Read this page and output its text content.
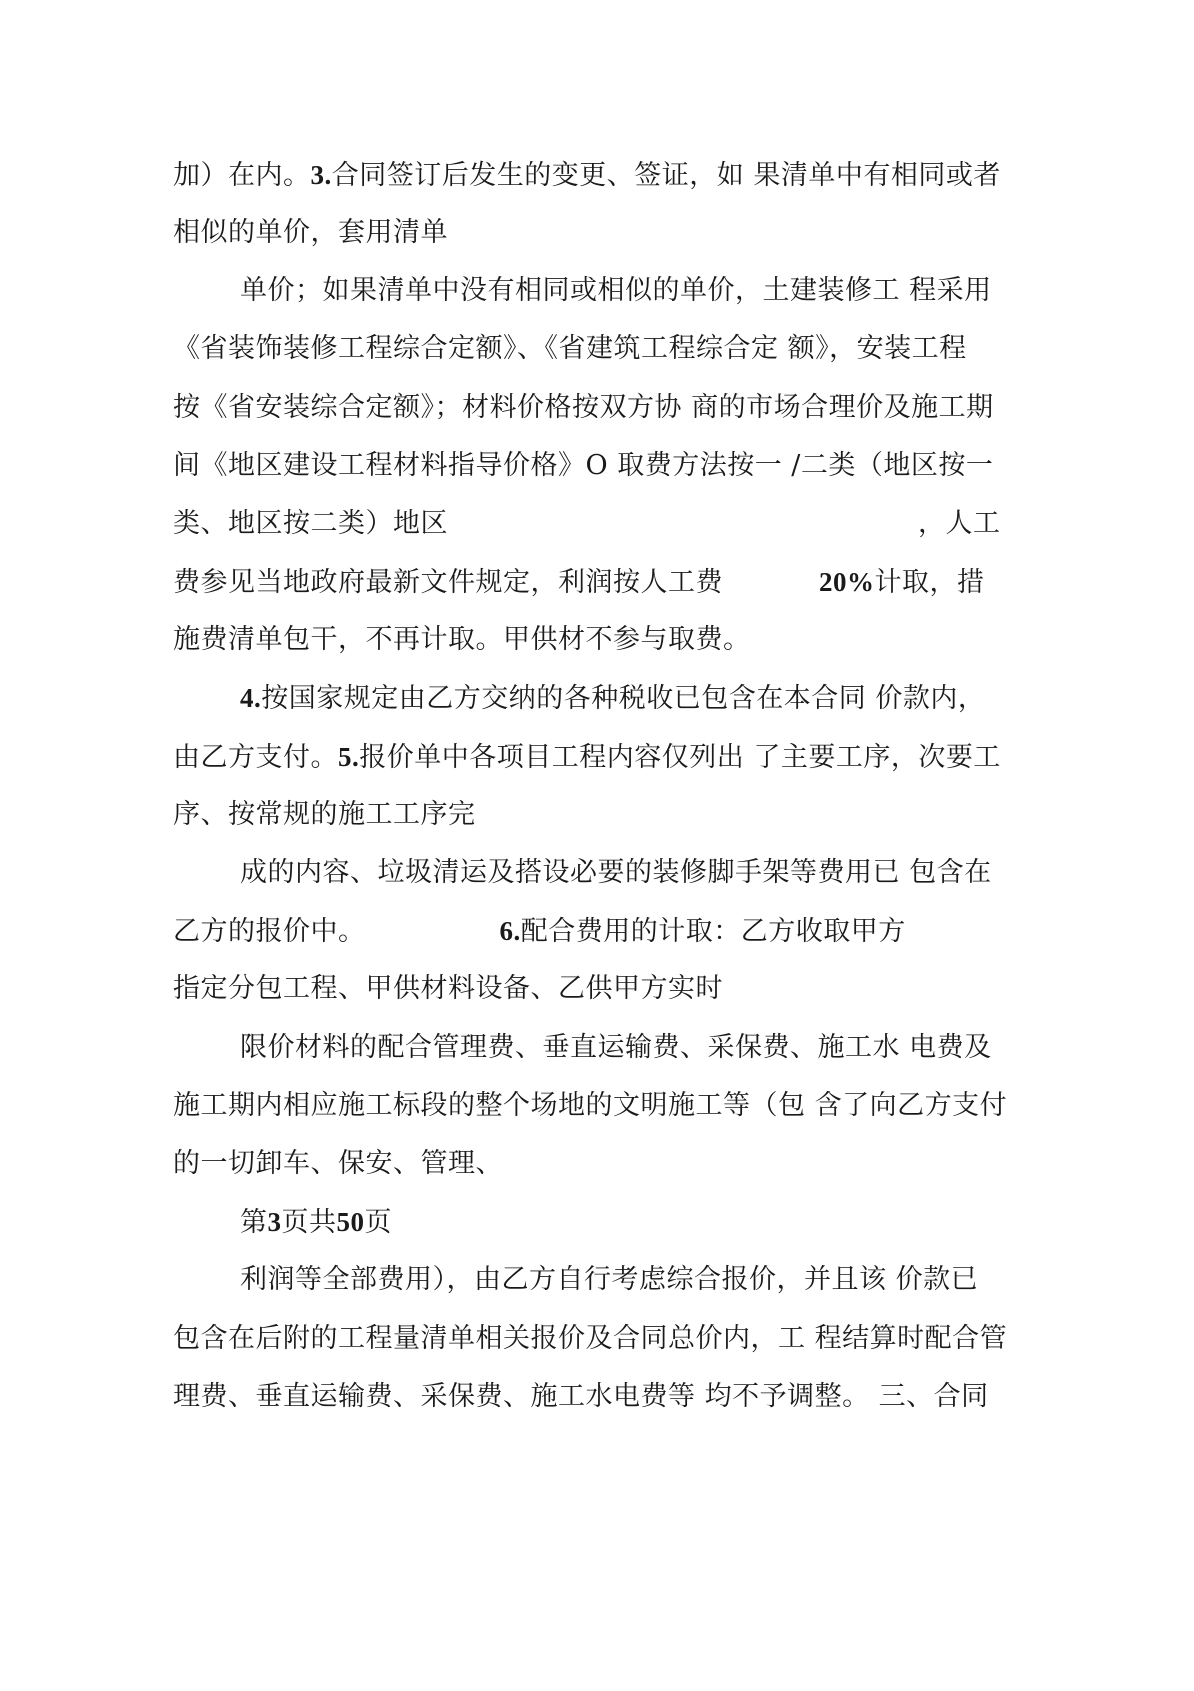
加）在内。3.合同签订后发生的变更、签证，如 果清单中有相同或者
相似的单价，套用清单
单价；如果清单中没有相同或相似的单价，土建装修工 程采用
《省装饰装修工程综合定额》、《省建筑工程综合定 额》，安装工程
按《省安装综合定额》；材料价格按双方协 商的市场合理价及施工期
间《地区建设工程材料指导价格》O 取费方法按一 /二类（地区按一
类、地区按二类）地区	，人工
费参见当地政府最新文件规定，利润按人工费	20%计取，措
施费清单包干，不再计取。甲供材不参与取费。
4.按国家规定由乙方交纳的各种税收已包含在本合同 价款内，
由乙方支付。5.报价单中各项目工程内容仅列出 了主要工序，次要工
序、按常规的施工工序完
成的内容、垃圾清运及搭设必要的装修脚手架等费用已 包含在
乙方的报价中。	6.配合费用的计取：乙方收取甲方
指定分包工程、甲供材料设备、乙供甲方实时
限价材料的配合管理费、垂直运输费、采保费、施工水 电费及
施工期内相应施工标段的整个场地的文明施工等（包 含了向乙方支付
的一切卸车、保安、管理、
第3页共50页
利润等全部费用），由乙方自行考虑综合报价，并且该 价款已
包含在后附的工程量清单相关报价及合同总价内，工 程结算时配合管
理费、垂直运输费、采保费、施工水电费等 均不予调整。 三、合同
